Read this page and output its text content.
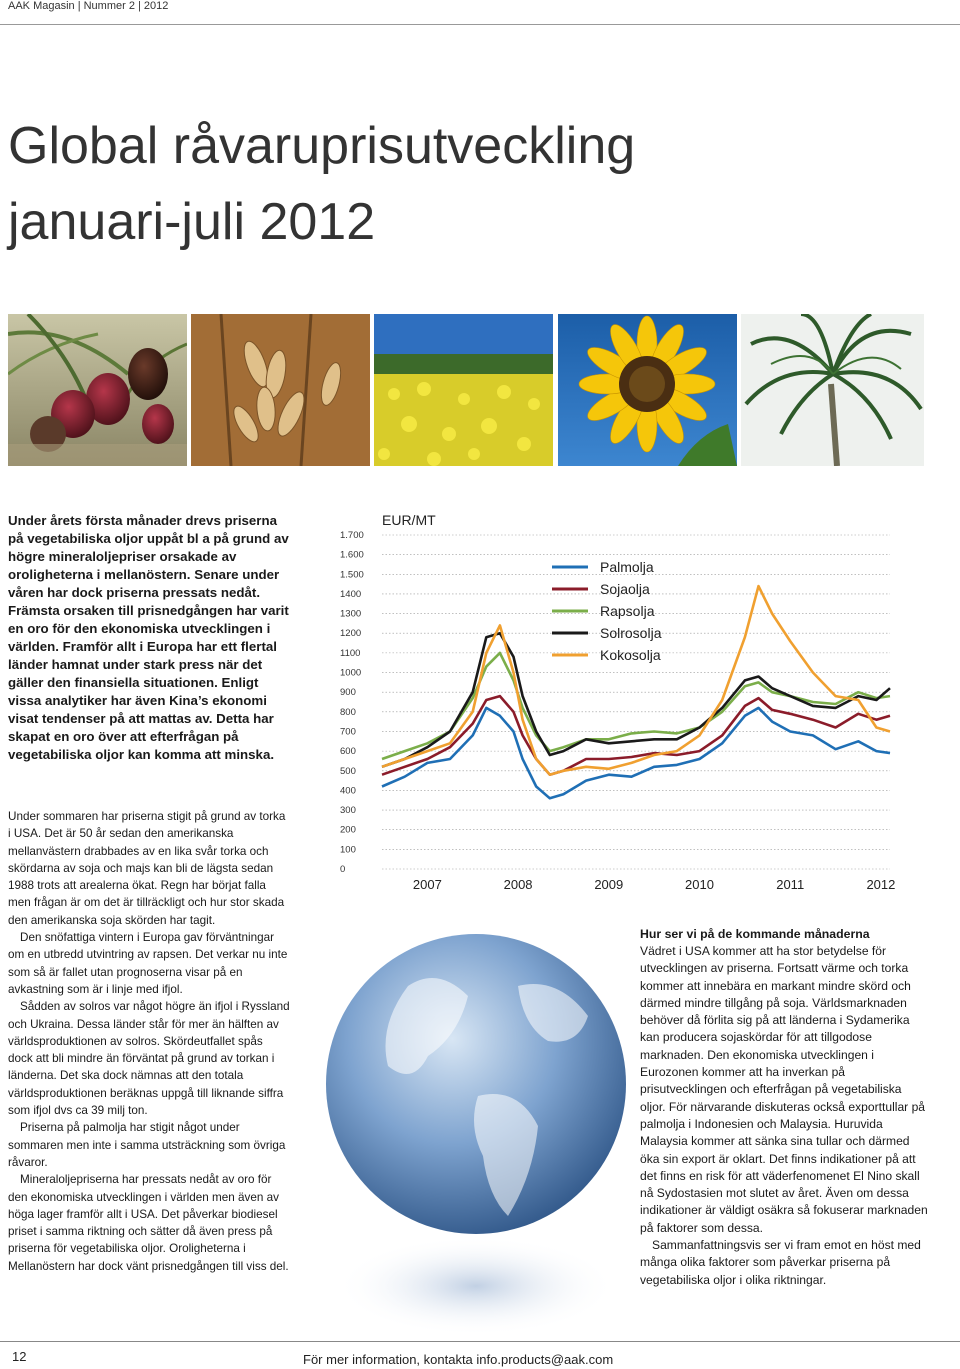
AAK Magasin | Nummer 2 | 2012
Global råvaruprisutveckling
januari-juli 2012

Under årets första månader drevs priserna på vegetabiliska oljor uppåt bl a på grund av högre mineraloljepriser orsakade av oroligheterna i mellanöstern. Senare under våren har dock priserna pressats nedåt. Främsta orsaken till prisnedgången har varit en oro för den ekonomiska utvecklingen i världen. Framför allt i Europa har ett flertal länder hamnat under stark press när det gäller den finansiella situationen. Enligt vissa analytiker har även Kina’s ekonomi visat tendenser på att mattas av. Detta har skapat en oro över att efterfrågan på vegetabiliska oljor kan komma att minska.

Under sommaren har priserna stigit på grund av torka i USA. Det är 50 år sedan den amerikanska mellanvästern drabbades av en lika svår torka och skördarna av soja och majs kan bli de lägsta sedan 1988 trots att arealerna ökat. Regn har börjat falla men frågan är om det är tillräckligt och hur stor skada den amerikanska soja skörden har tagit.

Den snöfattiga vintern i Europa gav förväntningar om en utbredd utvintring av rapsen. Det verkar nu inte som så är fallet utan prognoserna visar på en avkastning som är i linje med ifjol.

Sådden av solros var något högre än ifjol i Ryssland och Ukraina. Dessa länder står för mer än hälften av världsproduktionen av solros. Skördeutfallet spås dock att bli mindre än förväntat på grund av torkan i länderna. Det ska dock nämnas att den totala världsproduktionen beräknas uppgå till liknande siffra som ifjol dvs ca 39 milj ton.

Priserna på palmolja har stigit något under sommaren men inte i samma utsträckning som övriga råvaror.

Mineraloljepriserna har pressats nedåt av oro för den ekonomiska utvecklingen i världen men även av höga lager framför allt i USA. Det påverkar biodiesel priset i samma riktning och sätter då även press på priserna för vegetabiliska oljor. Oroligheterna i Mellanöstern har dock vänt prisnedgången till viss del.

EUR/MT
0
100
200
300
400
500
600
700
800
900
1000
1100
1200
1300
1400
1.500
1.600
1.700
2007	2008	2009	2010	2011	2012
Palmolja
Sojaolja
Rapsolja
Solrosolja
Kokosolja
Hur ser vi på de kommande månaderna

Vädret i USA kommer att ha stor betydelse för utvecklingen av priserna. Fortsatt värme och torka kommer att innebära en markant mindre skörd och därmed mindre tillgång på soja. Världsmarknaden behöver då förlita sig på att länderna i Sydamerika kan producera sojaskördar för att tillgodose marknaden. Den ekonomiska utvecklingen i Eurozonen kommer att ha inverkan på prisutvecklingen och efterfrågan på vegetabiliska oljor. För närvarande diskuteras också exporttullar på palmolja i Indonesien och Malaysia. Huruvida Malaysia kommer att sänka sina tullar och därmed öka sin export är oklart. Det finns indikationer på att det finns en risk för att väderfenomenet El Nino skall nå Sydostasien mot slutet av året. Även om dessa indikationer är väldigt osäkra så fokuserar marknaden på faktorer som dessa.

Sammanfattningsvis ser vi fram emot en höst med många olika faktorer som påverkar priserna på vegetabiliska oljor i olika riktningar.

12	För mer information, kontakta info.products@aak.com
